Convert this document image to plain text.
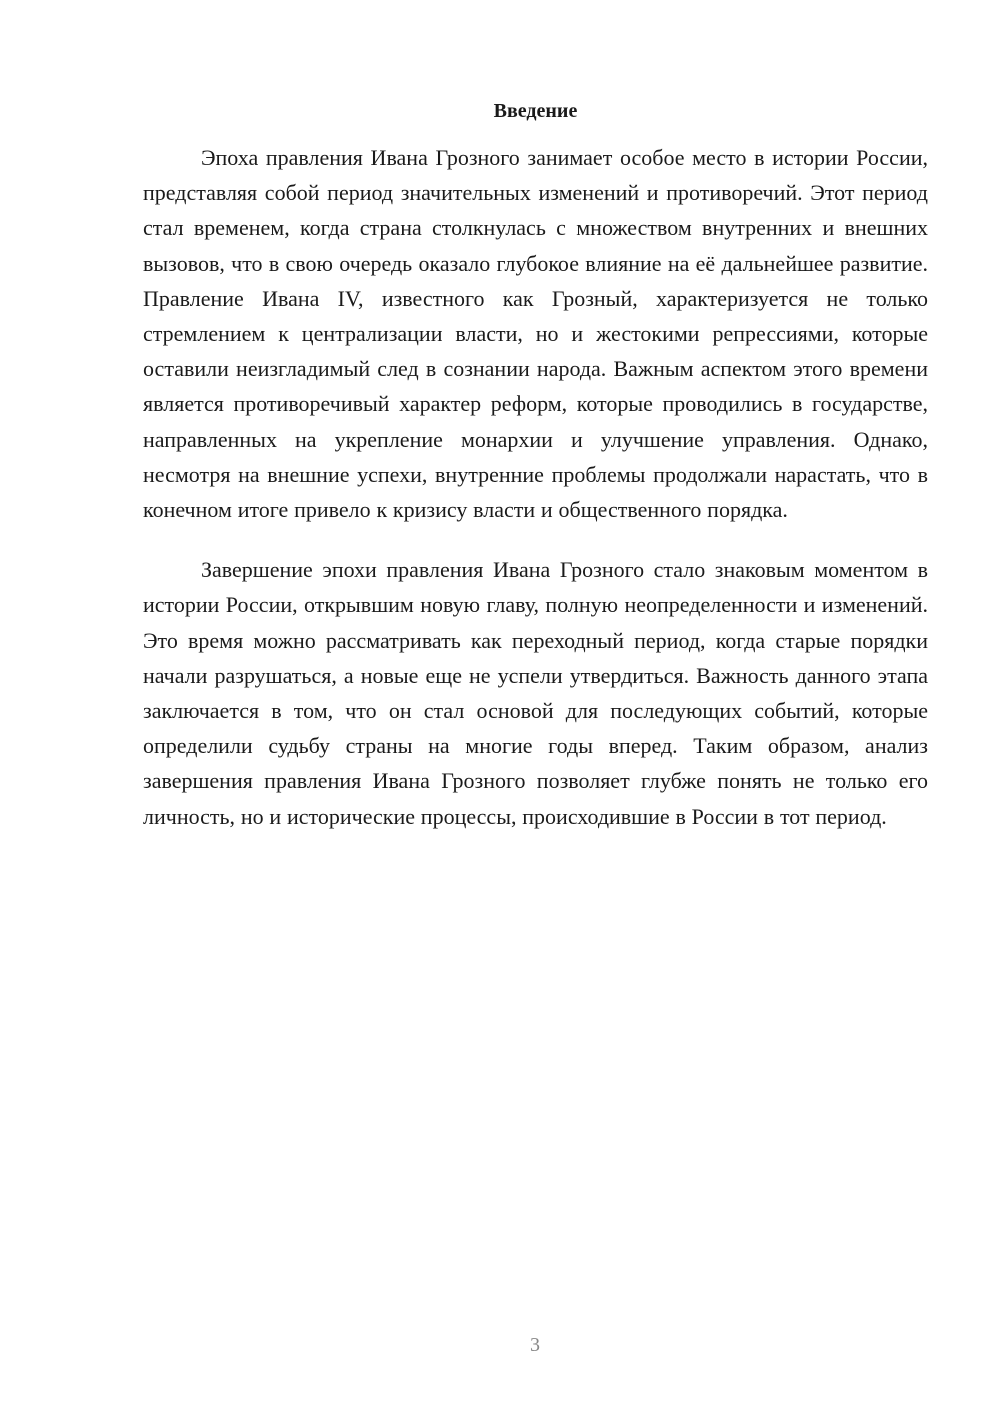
Введение

Эпоха правления Ивана Грозного занимает особое место в истории России, представляя собой период значительных изменений и противоречий. Этот период стал временем, когда страна столкнулась с множеством внутренних и внешних вызовов, что в свою очередь оказало глубокое влияние на её дальнейшее развитие. Правление Ивана IV, известного как Грозный, характеризуется не только стремлением к централизации власти, но и жестокими репрессиями, которые оставили неизгладимый след в сознании народа. Важным аспектом этого времени является противоречивый характер реформ, которые проводились в государстве, направленных на укрепление монархии и улучшение управления. Однако, несмотря на внешние успехи, внутренние проблемы продолжали нарастать, что в конечном итоге привело к кризису власти и общественного порядка.

Завершение эпохи правления Ивана Грозного стало знаковым моментом в истории России, открывшим новую главу, полную неопределенности и изменений. Это время можно рассматривать как переходный период, когда старые порядки начали разрушаться, а новые еще не успели утвердиться. Важность данного этапа заключается в том, что он стал основой для последующих событий, которые определили судьбу страны на многие годы вперед. Таким образом, анализ завершения правления Ивана Грозного позволяет глубже понять не только его личность, но и исторические процессы, происходившие в России в тот период.

3
